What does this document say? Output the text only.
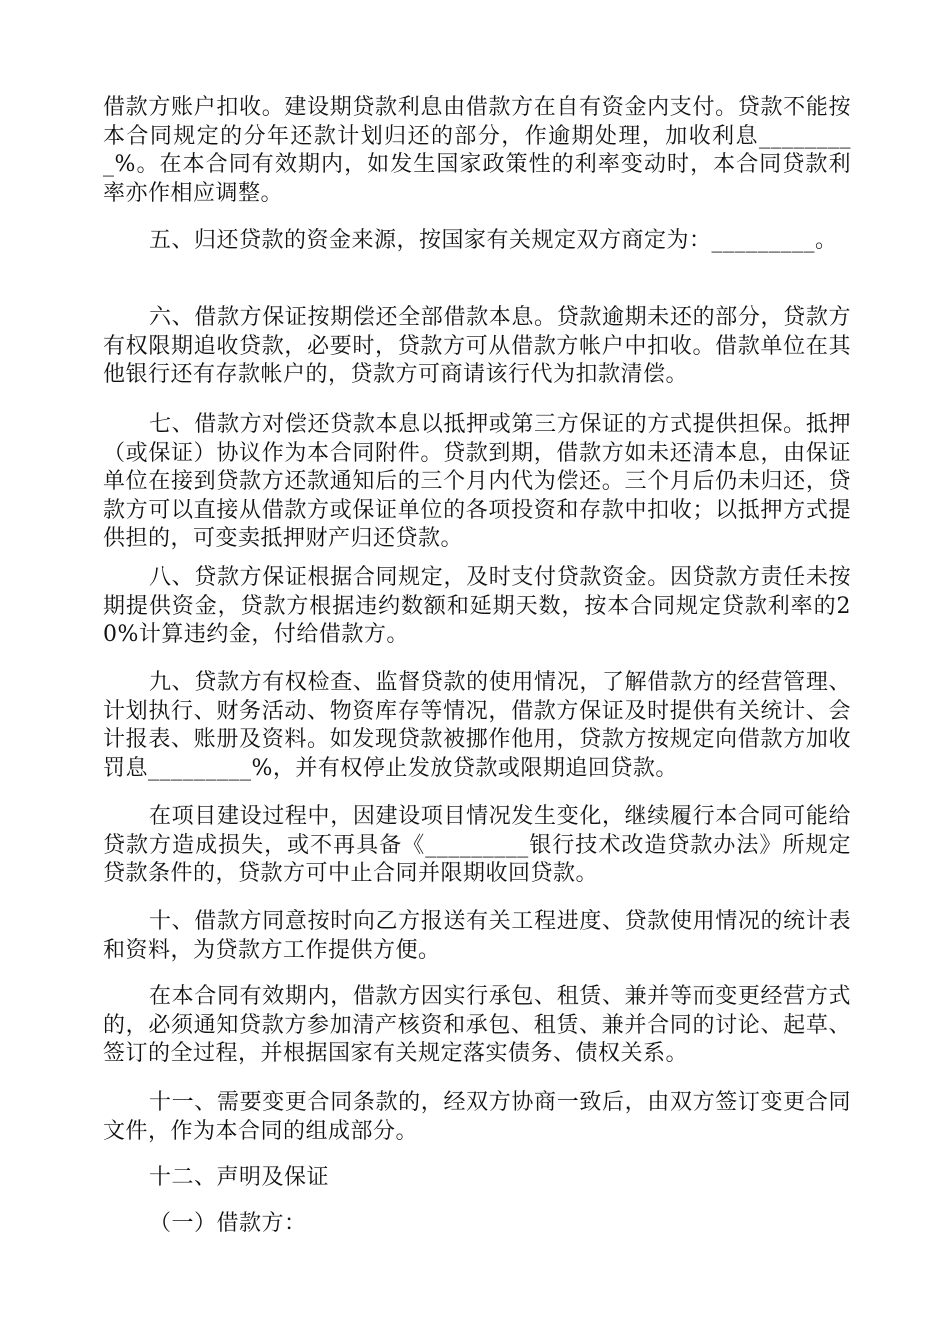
借款方账户扣收。建设期贷款利息由借款方在自有资金内支付。贷款不能按本合同规定的分年还款计划归还的部分，作逾期处理，加收利息_________%。在本合同有效期内，如发生国家政策性的利率变动时，本合同贷款利率亦作相应调整。

五、归还贷款的资金来源，按国家有关规定双方商定为：_________。

六、借款方保证按期偿还全部借款本息。贷款逾期未还的部分，贷款方有权限期追收贷款，必要时，贷款方可从借款方帐户中扣收。借款单位在其他银行还有存款帐户的，贷款方可商请该行代为扣款清偿。

七、借款方对偿还贷款本息以抵押或第三方保证的方式提供担保。抵押（或保证）协议作为本合同附件。贷款到期，借款方如未还清本息，由保证单位在接到贷款方还款通知后的三个月内代为偿还。三个月后仍未归还，贷款方可以直接从借款方或保证单位的各项投资和存款中扣收；以抵押方式提供担的，可变卖抵押财产归还贷款。

八、贷款方保证根据合同规定，及时支付贷款资金。因贷款方责任未按期提供资金，贷款方根据违约数额和延期天数，按本合同规定贷款利率的20%计算违约金，付给借款方。

九、贷款方有权检查、监督贷款的使用情况，了解借款方的经营管理、计划执行、财务活动、物资库存等情况，借款方保证及时提供有关统计、会计报表、账册及资料。如发现贷款被挪作他用，贷款方按规定向借款方加收罚息_________%，并有权停止发放贷款或限期追回贷款。

在项目建设过程中，因建设项目情况发生变化，继续履行本合同可能给贷款方造成损失，或不再具备《_________银行技术改造贷款办法》所规定贷款条件的，贷款方可中止合同并限期收回贷款。

十、借款方同意按时向乙方报送有关工程进度、贷款使用情况的统计表和资料，为贷款方工作提供方便。

在本合同有效期内，借款方因实行承包、租赁、兼并等而变更经营方式的，必须通知贷款方参加清产核资和承包、租赁、兼并合同的讨论、起草、签订的全过程，并根据国家有关规定落实债务、债权关系。

十一、需要变更合同条款的，经双方协商一致后，由双方签订变更合同文件，作为本合同的组成部分。

十二、声明及保证

（一）借款方：
